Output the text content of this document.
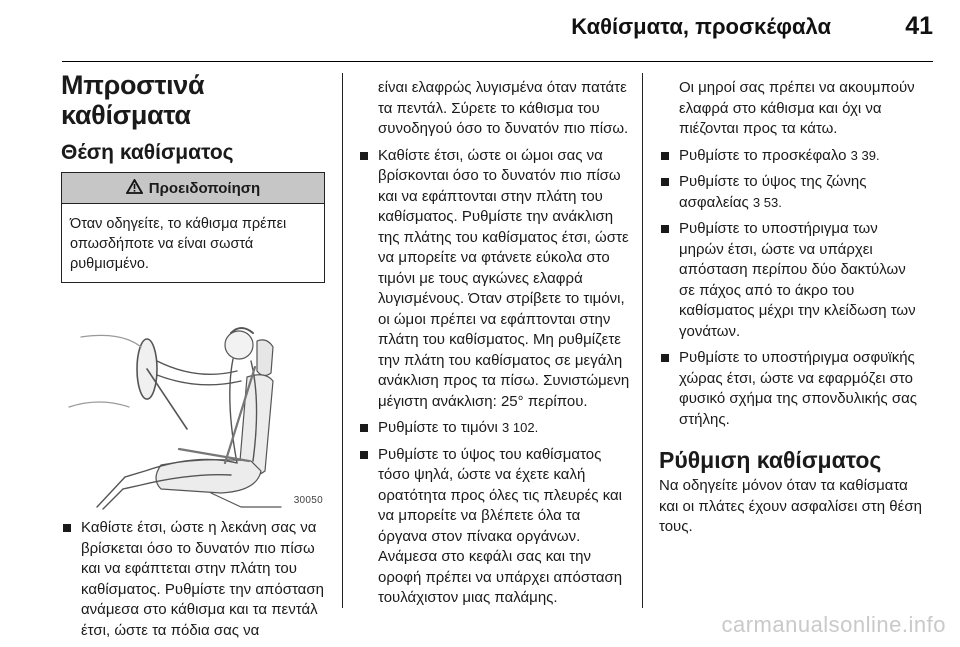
Καθίσματα, προσκέφαλα	41
Μπροστινά καθίσματα
Θέση καθίσματος
Προειδοποίηση
Όταν οδηγείτε, το κάθισμα πρέπει οπωσδήποτε να είναι σωστά ρυθμισμένο.
30050
Καθίστε έτσι, ώστε η λεκάνη σας να βρίσκεται όσο το δυνατόν πιο πίσω και να εφάπτεται στην πλάτη του καθίσματος. Ρυθμίστε την απόσταση ανάμεσα στο κάθισμα και τα πεντάλ έτσι, ώστε τα πόδια σας να

είναι ελαφρώς λυγισμένα όταν πατάτε τα πεντάλ. Σύρετε το κάθισμα του συνοδηγού όσο το δυνατόν πιο πίσω.

Καθίστε έτσι, ώστε οι ώμοι σας να βρίσκονται όσο το δυνατόν πιο πίσω και να εφάπτονται στην πλάτη του καθίσματος. Ρυθμίστε την ανάκλιση της πλάτης του καθίσματος έτσι, ώστε να μπορείτε να φτάνετε εύκολα στο τιμόνι με τους αγκώνες ελαφρά λυγισμένους. Όταν στρίβετε το τιμόνι, οι ώμοι πρέπει να εφάπτονται στην πλάτη του καθίσματος. Μη ρυθμίζετε την πλάτη του καθίσματος σε μεγάλη ανάκλιση προς τα πίσω. Συνιστώμενη μέγιστη ανάκλιση: 25° περίπου.
Ρυθμίστε το τιμόνι 3 102.
Ρυθμίστε το ύψος του καθίσματος τόσο ψηλά, ώστε να έχετε καλή ορατότητα προς όλες τις πλευρές και να μπορείτε να βλέπετε όλα τα όργανα στον πίνακα οργάνων. Ανάμεσα στο κεφάλι σας και την οροφή πρέπει να υπάρχει απόσταση τουλάχιστον μιας παλάμης.

Οι μηροί σας πρέπει να ακουμπούν ελαφρά στο κάθισμα και όχι να πιέζονται προς τα κάτω.

Ρυθμίστε το προσκέφαλο 3 39.
Ρυθμίστε το ύψος της ζώνης ασφαλείας 3 53.
Ρυθμίστε το υποστήριγμα των μηρών έτσι, ώστε να υπάρχει απόσταση περίπου δύο δακτύλων σε πάχος από το άκρο του καθίσματος μέχρι την κλείδωση των γονάτων.
Ρυθμίστε το υποστήριγμα οσφυϊκής χώρας έτσι, ώστε να εφαρμόζει στο φυσικό σχήμα της σπονδυλικής σας στήλης.
Ρύθμιση καθίσματος

Να οδηγείτε μόνον όταν τα καθίσματα και οι πλάτες έχουν ασφαλίσει στη θέση τους.

carmanualsonline.info
